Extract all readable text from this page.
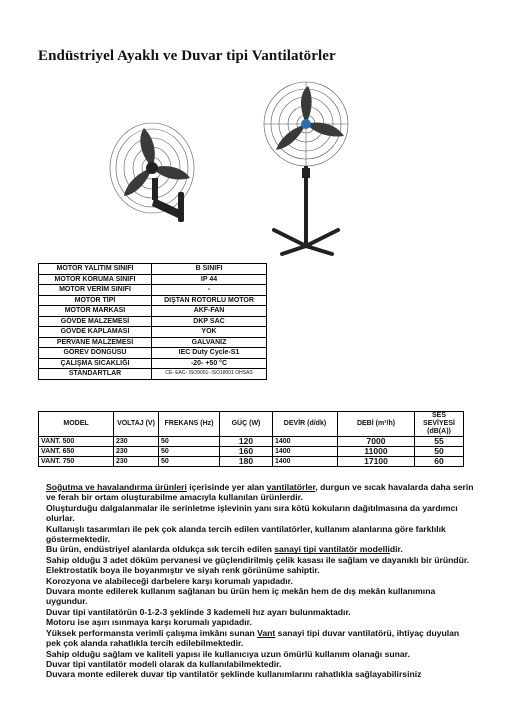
Endüstriyel Ayaklı ve Duvar tipi Vantilatörler
MOTOR YALITIM SINIFI	B SINIFI
MOTOR KORUMA SINIFI	IP 44
MOTOR VERİM SINIFI	-
MOTOR TİPİ	DIŞTAN ROTORLU MOTOR
MOTOR MARKASI	AKF-FAN
GÖVDE MALZEMESİ	DKP SAC
GÖVDE KAPLAMASI	YOK
PERVANE MALZEMESİ	GALVANİZ
GÖREV DÖNGÜSÜ	IEC Duty Cycle-S1
ÇALIŞMA SICAKLIĞI	-20- +50 °C
STANDARTLAR	CE- EAC- ISO9001- ISO18001 OHSAS
MODEL	VOLTAJ (V)	FREKANS (Hz)	GÜÇ (W)	DEVİR (d/dk)	DEBİ (m³/h)	SES SEVİYESİ (dB(A))
VANT. 500	230	50	120	1400	7000	55
VANT. 650	230	50	160	1400	11000	50
VANT. 750	230	50	180	1400	17100	60

Soğutma ve havalandırma ürünleri içerisinde yer alan vantilatörler, durgun ve sıcak havalarda daha serin ve ferah bir ortam oluşturabilme amacıyla kullanılan ürünlerdir.

Oluşturduğu dalgalanmalar ile serinletme işlevinin yanı sıra kötü kokuların dağıtılmasına da yardımcı olurlar.

Kullanışlı tasarımları ile pek çok alanda tercih edilen vantilatörler, kullanım alanlarına göre farklılık göstermektedir.

Bu ürün, endüstriyel alanlarda oldukça sık tercih edilen sanayi tipi vantilatör modellidir.

Sahip olduğu 3 adet döküm pervanesi ve güçlendirilmiş çelik kasası ile sağlam ve dayanıklı bir üründür.

Elektrostatik boya ile boyanmıştır ve siyah renk görünüme sahiptir.

Korozyona ve alabileceği darbelere karşı korumalı yapıdadır.

Duvara monte edilerek kullanım sağlanan bu ürün hem iç mekân hem de dış mekân kullanımına uygundur.

Duvar tipi vantilatörün 0-1-2-3 şeklinde 3 kademeli hız ayarı bulunmaktadır.

Motoru ise aşırı ısınmaya karşı korumalı yapıdadır.

Yüksek performansta verimli çalışma imkânı sunan Vant sanayi tipi duvar vantilatörü, ihtiyaç duyulan pek çok alanda rahatlıkla tercih edilebilmektedir.

Sahip olduğu sağlam ve kaliteli yapısı ile kullanıcıya uzun ömürlü kullanım olanağı sunar.

Duvar tipi vantilatör modeli olarak da kullanılabilmektedir.

Duvara monte edilerek duvar tip vantilatör şeklinde kullanımlarını rahatlıkla sağlayabilirsiniz
